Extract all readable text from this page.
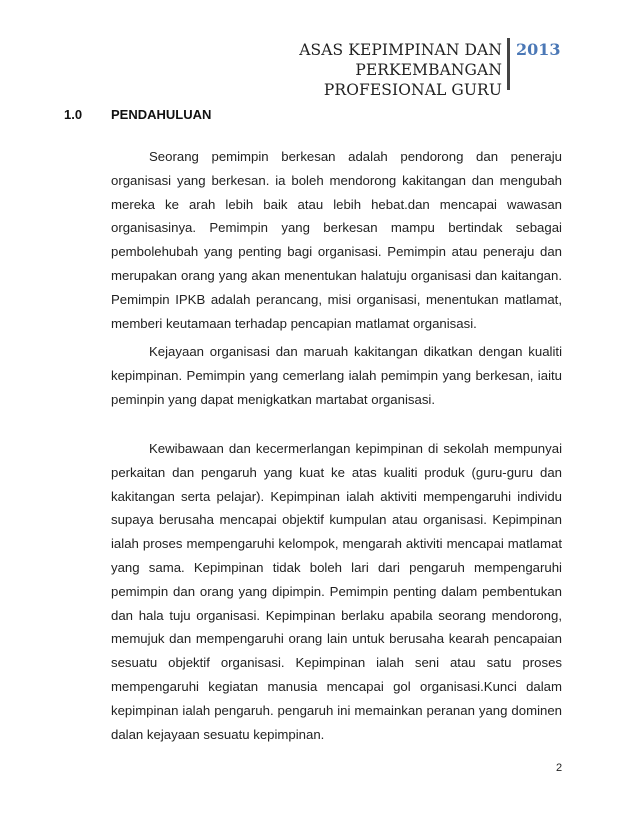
ASAS KEPIMPINAN DAN PERKEMBANGAN
PROFESIONAL GURU
2013
1.0 PENDAHULUAN
Seorang pemimpin berkesan adalah pendorong dan peneraju organisasi yang berkesan. ia boleh mendorong kakitangan dan mengubah mereka ke arah lebih baik atau lebih hebat.dan mencapai wawasan organisasinya. Pemimpin yang berkesan mampu bertindak sebagai pembolehubah yang penting bagi organisasi. Pemimpin atau peneraju dan merupakan orang yang akan menentukan halatuju organisasi dan kaitangan. Pemimpin IPKB adalah perancang, misi organisasi, menentukan matlamat, memberi keutamaan terhadap pencapian matlamat organisasi.
Kejayaan organisasi dan maruah kakitangan dikatkan dengan kualiti kepimpinan. Pemimpin yang cemerlang ialah pemimpin yang berkesan, iaitu peminpin yang dapat menigkatkan martabat organisasi.
Kewibawaan dan kecermerlangan kepimpinan di sekolah mempunyai perkaitan dan pengaruh yang kuat ke atas kualiti produk (guru-guru dan kakitangan serta pelajar). Kepimpinan ialah aktiviti mempengaruhi individu supaya berusaha mencapai objektif kumpulan atau organisasi. Kepimpinan ialah proses mempengaruhi kelompok, mengarah aktiviti mencapai matlamat yang sama. Kepimpinan tidak boleh lari dari pengaruh mempengaruhi pemimpin dan orang yang dipimpin. Pemimpin penting dalam pembentukan dan hala tuju organisasi. Kepimpinan berlaku apabila seorang mendorong, memujuk dan mempengaruhi orang lain untuk berusaha kearah pencapaian sesuatu objektif organisasi. Kepimpinan ialah seni atau satu proses mempengaruhi kegiatan manusia mencapai gol organisasi.Kunci dalam kepimpinan ialah pengaruh. pengaruh ini memainkan peranan yang dominen dalan kejayaan sesuatu kepimpinan.
2
